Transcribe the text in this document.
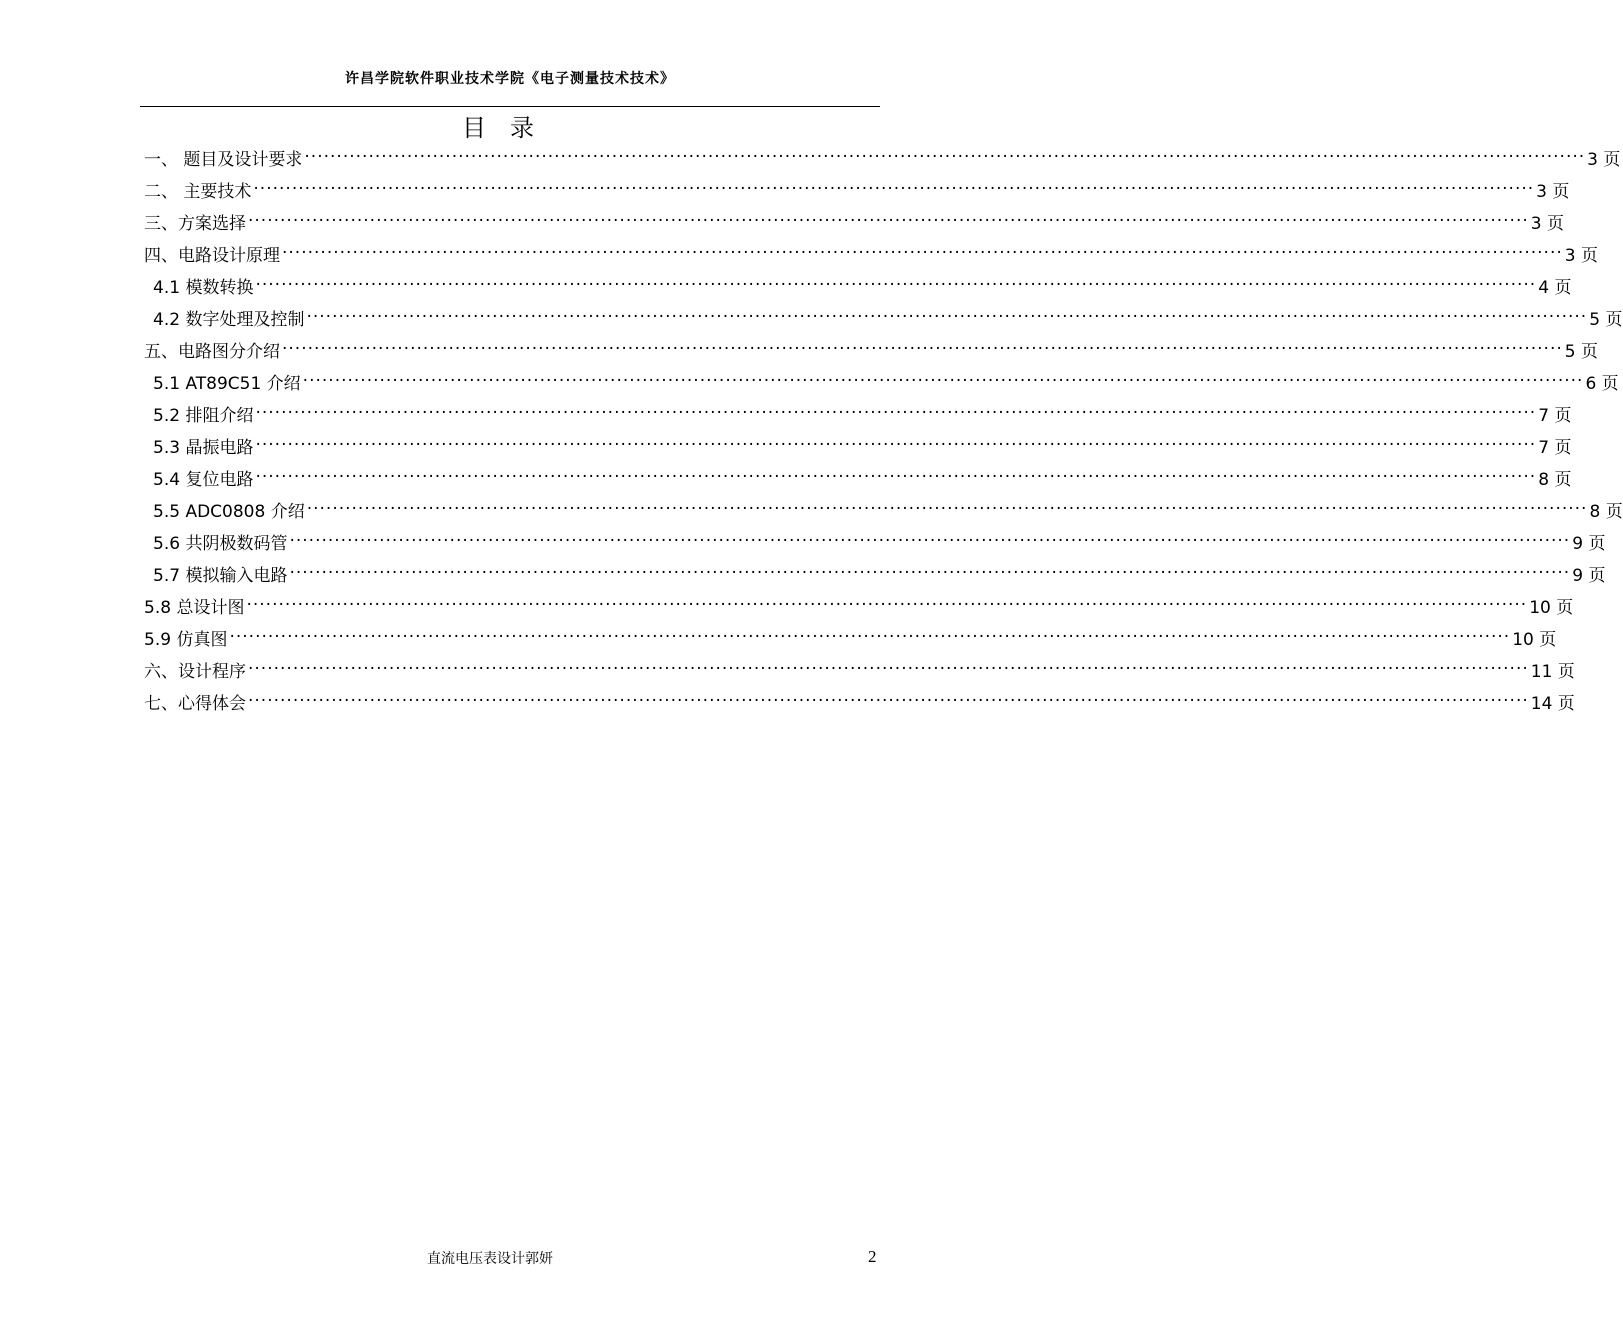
许昌学院软件职业技术学院《电子测量技术技术》
目录
一、 题目及设计要求 ········································································································································································································ 3 页
二、 主要技术 ········································································································································································································ 3 页
三、方案选择 ········································································································································································································ 3 页
四、电路设计原理 ········································································································································································································ 3 页
4.1 模数转换 ········································································································································································································ 4 页
4.2 数字处理及控制 ········································································································································································································ 5 页
五、电路图分介绍 ········································································································································································································ 5 页
5.1 AT89C51 介绍 ········································································································································································································ 6 页
5.2 排阻介绍 ········································································································································································································ 7 页
5.3 晶振电路 ········································································································································································································ 7 页
5.4 复位电路 ········································································································································································································ 8 页
5.5 ADC0808 介绍 ········································································································································································································ 8 页
5.6 共阴极数码管 ········································································································································································································ 9 页
5.7 模拟输入电路 ········································································································································································································ 9 页
5.8 总设计图 ········································································································································································································ 10 页
5.9 仿真图 ········································································································································································································ 10 页
六、设计程序 ········································································································································································································ 11 页
七、心得体会 ········································································································································································································ 14 页
直流电压表设计郭妍	2
